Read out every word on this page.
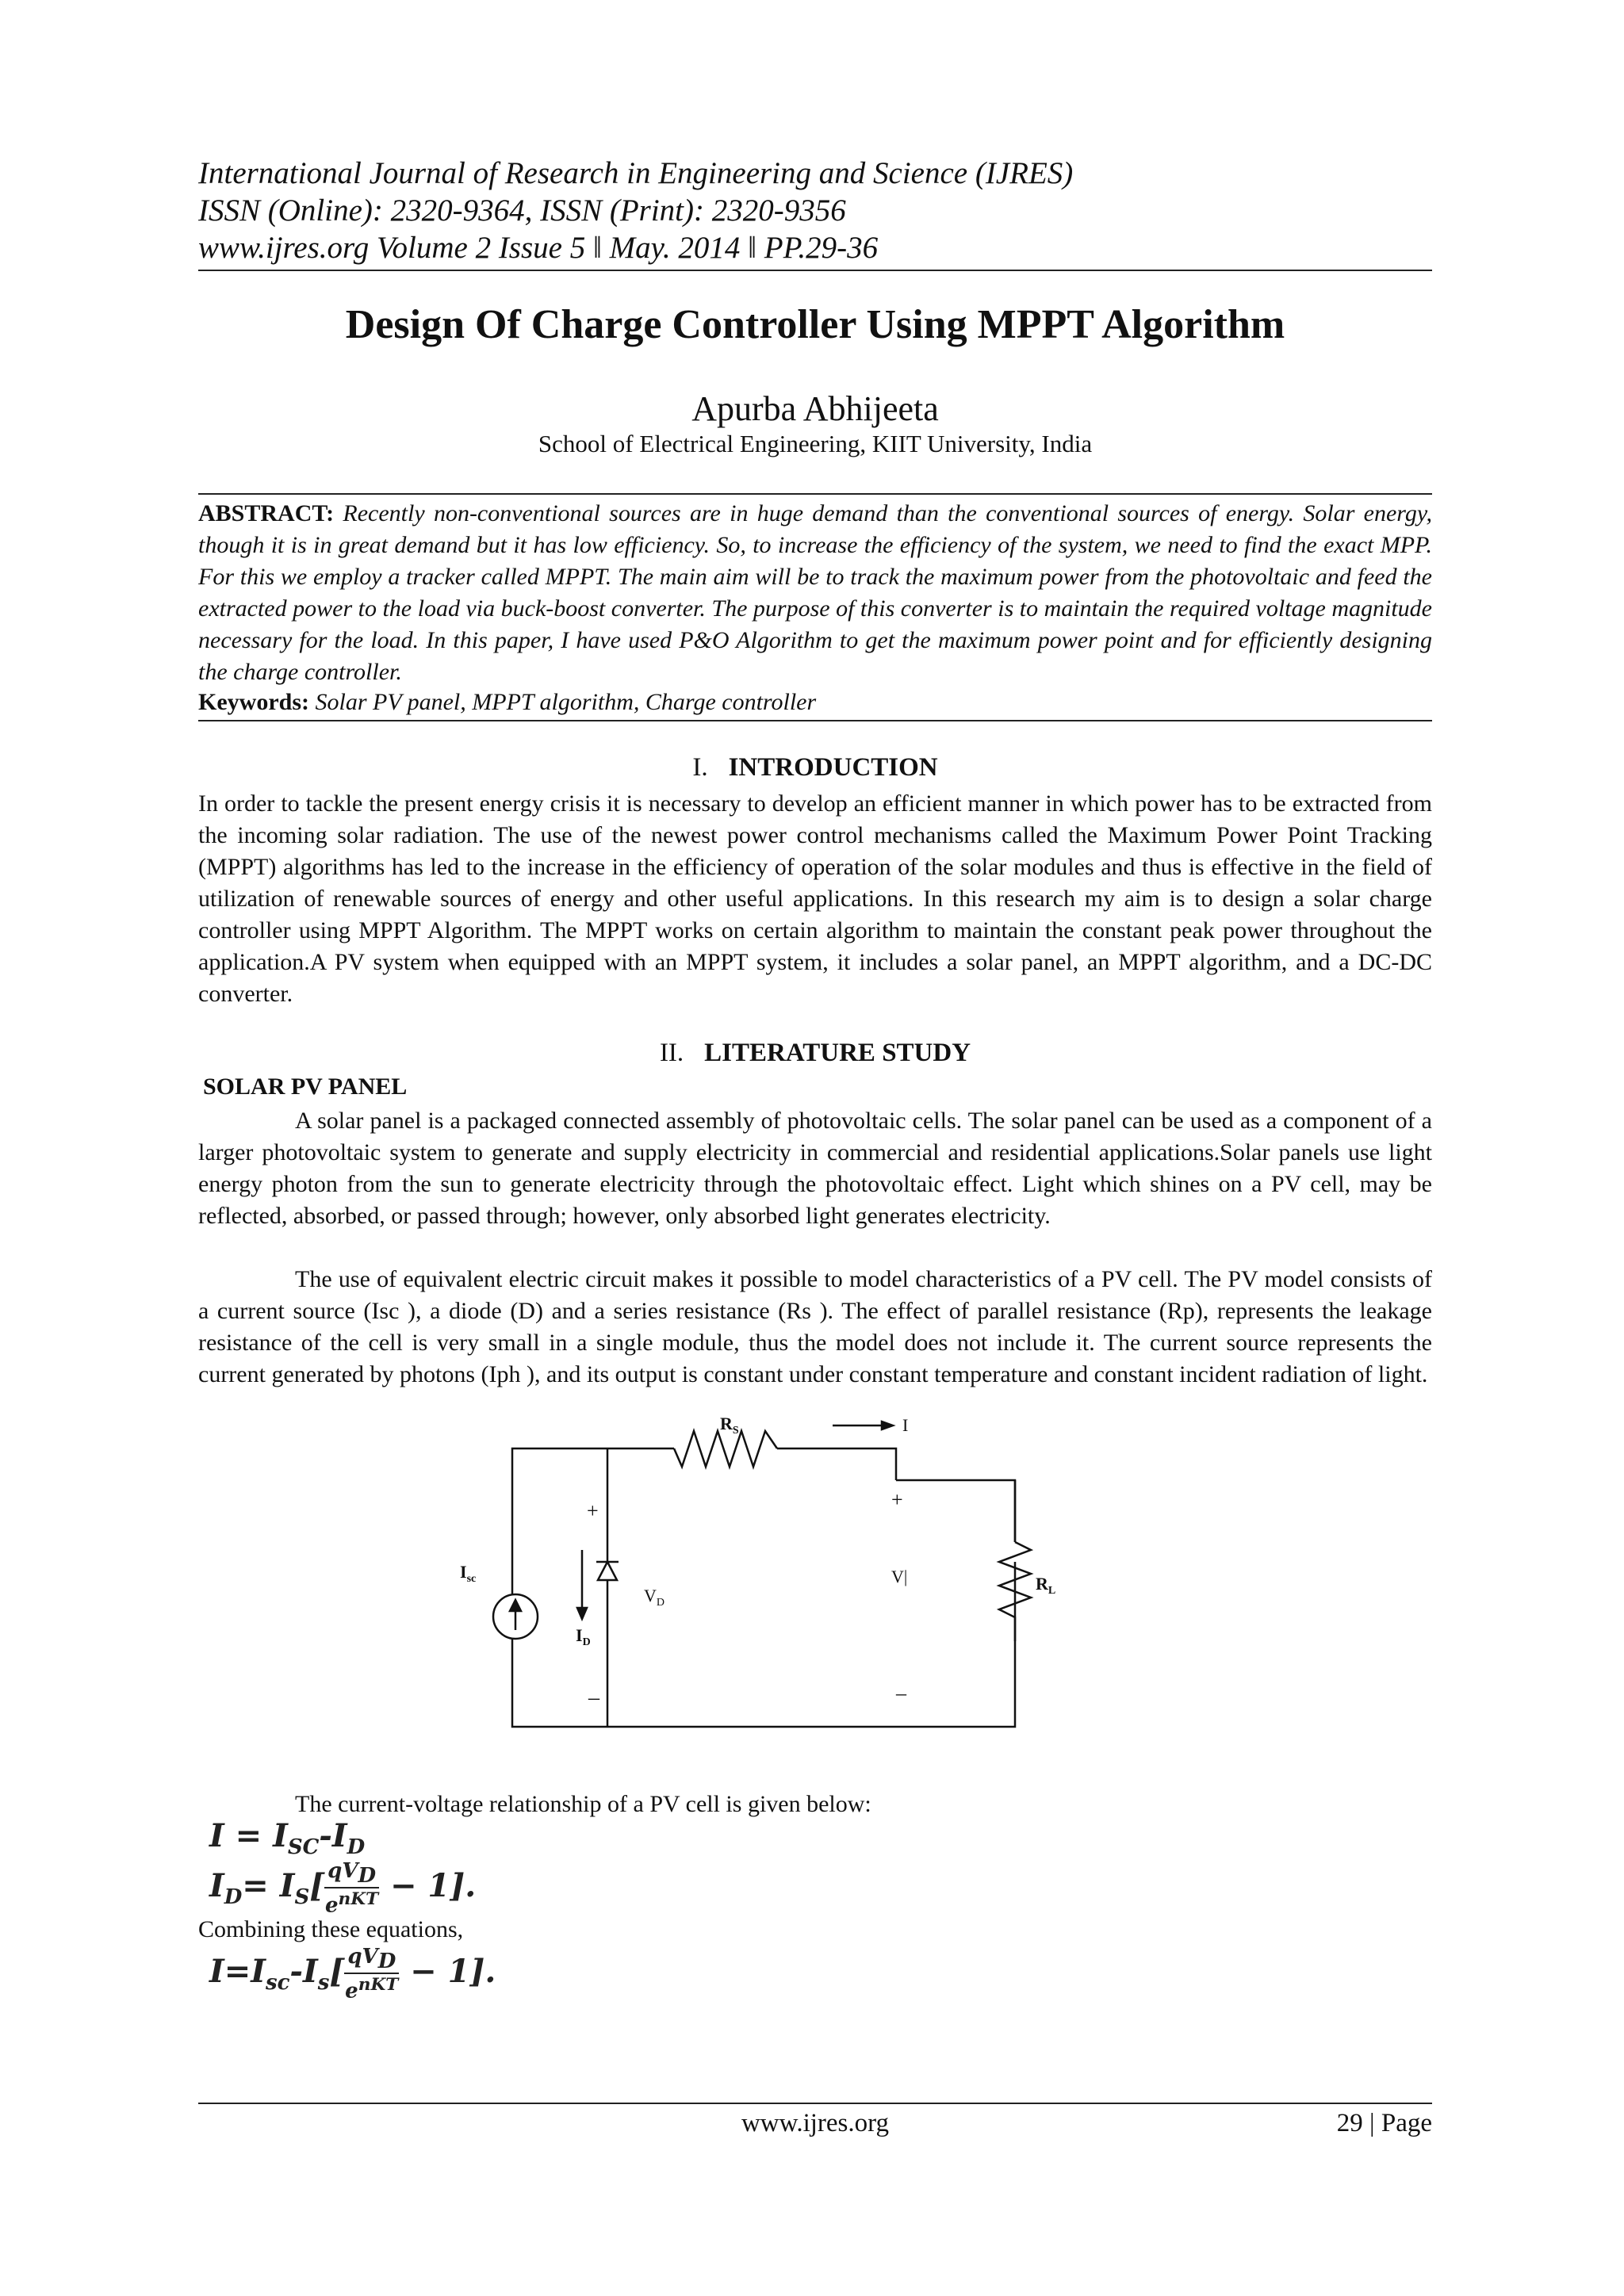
International Journal of Research in Engineering and Science (IJRES)
ISSN (Online): 2320-9364, ISSN (Print): 2320-9356
www.ijres.org Volume 2 Issue 5 ǁ May. 2014 ǁ PP.29-36
Design Of Charge Controller Using MPPT Algorithm
Apurba Abhijeeta
School of Electrical Engineering, KIIT University, India
ABSTRACT: Recently non-conventional sources are in huge demand than the conventional sources of energy. Solar energy, though it is in great demand but it has low efficiency. So, to increase the efficiency of the system, we need to find the exact MPP. For this we employ a tracker called MPPT. The main aim will be to track the maximum power from the photovoltaic and feed the extracted power to the load via buck-boost converter. The purpose of this converter is to maintain the required voltage magnitude necessary for the load. In this paper, I have used P&O Algorithm to get the maximum power point and for efficiently designing the charge controller.
Keywords: Solar PV panel, MPPT algorithm, Charge controller
I. INTRODUCTION
In order to tackle the present energy crisis it is necessary to develop an efficient manner in which power has to be extracted from the incoming solar radiation. The use of the newest power control mechanisms called the Maximum Power Point Tracking (MPPT) algorithms has led to the increase in the efficiency of operation of the solar modules and thus is effective in the field of utilization of renewable sources of energy and other useful applications. In this research my aim is to design a solar charge controller using MPPT Algorithm. The MPPT works on certain algorithm to maintain the constant peak power throughout the application.A PV system when equipped with an MPPT system, it includes a solar panel, an MPPT algorithm, and a DC-DC converter.
II. LITERATURE STUDY
SOLAR PV PANEL
A solar panel is a packaged connected assembly of photovoltaic cells. The solar panel can be used as a component of a larger photovoltaic system to generate and supply electricity in commercial and residential applications.Solar panels use light energy photon from the sun to generate electricity through the photovoltaic effect. Light which shines on a PV cell, may be reflected, absorbed, or passed through; however, only absorbed light generates electricity.
The use of equivalent electric circuit makes it possible to model characteristics of a PV cell. The PV model consists of a current source (Isc ), a diode (D) and a series resistance (Rs ). The effect of parallel resistance (Rp), represents the leakage resistance of the cell is very small in a single module, thus the model does not include it. The current source represents the current generated by photons (Iph ), and its output is constant under constant temperature and constant incident radiation of light.
$R_S$	I
$I_{sc}$
$I_D$
$V_D$
V|	$R_L$
+
–
+
–
The current-voltage relationship of a PV cell is given below:
$I = I_{SC}-I_D$
$I_D= I_S[ \frac{qV_D}{e^{nKT}} - 1]$.
Combining these equations,
$I=I_{sc}-I_s[ \frac{qV_D}{e^{nKT}} - 1]$.
www.ijres.org	29 | Page
